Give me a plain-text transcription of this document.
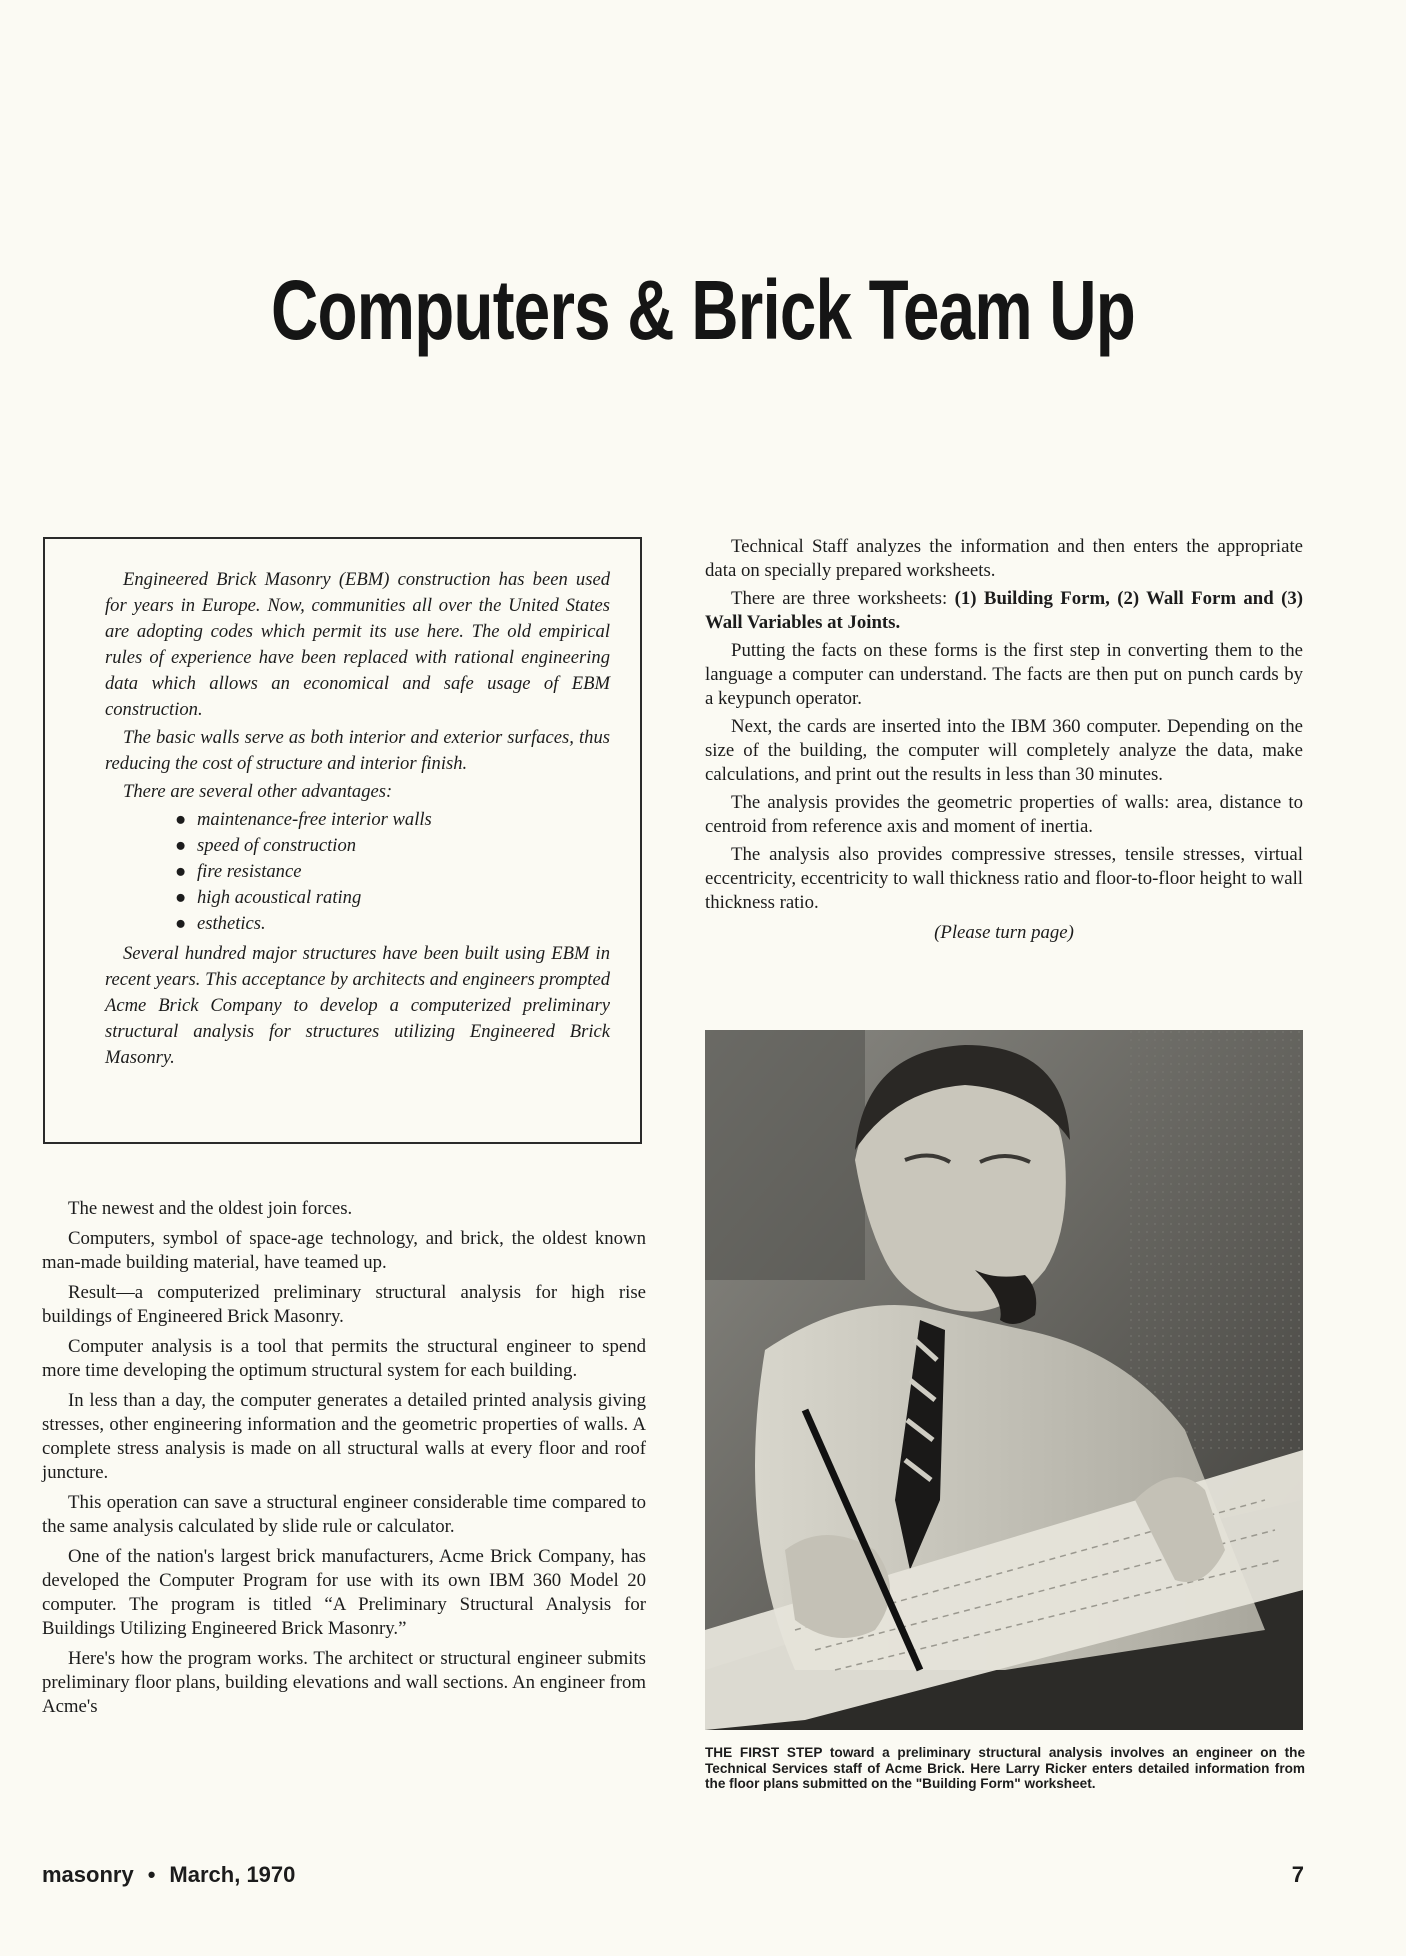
Computers & Brick Team Up

Engineered Brick Masonry (EBM) construction has been used for years in Europe. Now, communities all over the United States are adopting codes which permit its use here. The old empirical rules of experience have been replaced with rational engineering data which allows an economical and safe usage of EBM construction.

The basic walls serve as both interior and exterior surfaces, thus reducing the cost of structure and interior finish.

There are several other advantages:

● maintenance-free interior walls
● speed of construction
● fire resistance
● high acoustical rating
● esthetics.

Several hundred major structures have been built using EBM in recent years. This acceptance by architects and engineers prompted Acme Brick Company to develop a computerized preliminary structural analysis for structures utilizing Engineered Brick Masonry.

The newest and the oldest join forces.

Computers, symbol of space-age technology, and brick, the oldest known man-made building material, have teamed up.

Result—a computerized preliminary structural analysis for high rise buildings of Engineered Brick Masonry.

Computer analysis is a tool that permits the structural engineer to spend more time developing the optimum structural system for each building.

In less than a day, the computer generates a detailed printed analysis giving stresses, other engineering information and the geometric properties of walls. A complete stress analysis is made on all structural walls at every floor and roof juncture.

This operation can save a structural engineer considerable time compared to the same analysis calculated by slide rule or calculator.

One of the nation's largest brick manufacturers, Acme Brick Company, has developed the Computer Program for use with its own IBM 360 Model 20 computer. The program is titled “A Preliminary Structural Analysis for Buildings Utilizing Engineered Brick Masonry.”

Here's how the program works. The architect or structural engineer submits preliminary floor plans, building elevations and wall sections. An engineer from Acme's

Technical Staff analyzes the information and then enters the appropriate data on specially prepared worksheets.

There are three worksheets: (1) Building Form, (2) Wall Form and (3) Wall Variables at Joints.

Putting the facts on these forms is the first step in converting them to the language a computer can understand. The facts are then put on punch cards by a keypunch operator.

Next, the cards are inserted into the IBM 360 computer. Depending on the size of the building, the computer will completely analyze the data, make calculations, and print out the results in less than 30 minutes.

The analysis provides the geometric properties of walls: area, distance to centroid from reference axis and moment of inertia.

The analysis also provides compressive stresses, tensile stresses, virtual eccentricity, eccentricity to wall thickness ratio and floor-to-floor height to wall thickness ratio.

(Please turn page)

THE FIRST STEP toward a preliminary structural analysis involves an engineer on the Technical Services staff of Acme Brick. Here Larry Ricker enters detailed information from the floor plans submitted on the "Building Form" worksheet.

masonry • March, 1970	7
